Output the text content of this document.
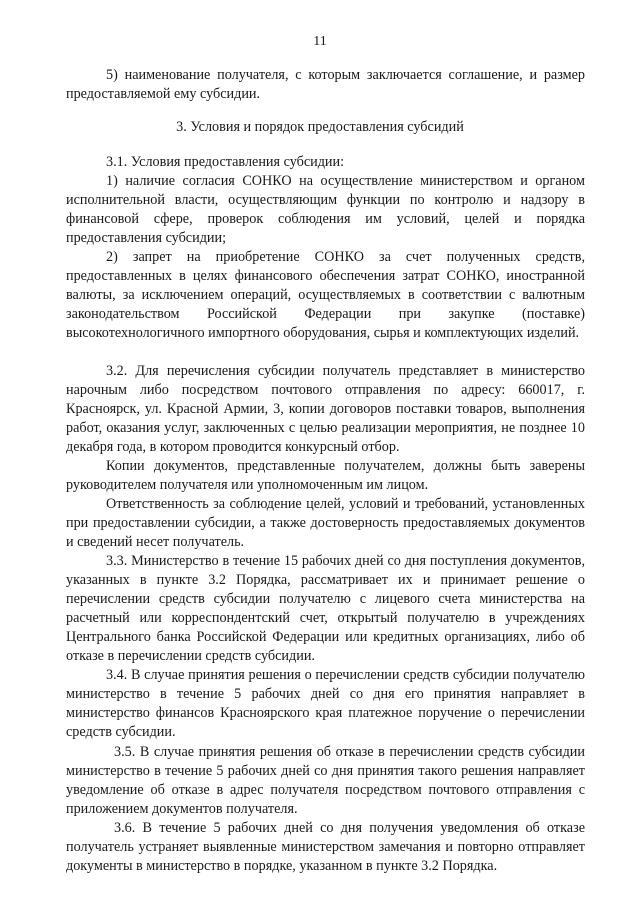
11

5) наименование получателя, с которым заключается соглашение, и размер предоставляемой ему субсидии.

3. Условия и порядок предоставления субсидий

3.1. Условия предоставления субсидии:

1) наличие согласия СОНКО на осуществление министерством и органом исполнительной власти, осуществляющим функции по контролю и надзору в финансовой сфере, проверок соблюдения им условий, целей и порядка предоставления субсидии;

2) запрет на приобретение СОНКО за счет полученных средств, предоставленных в целях финансового обеспечения затрат СОНКО, иностранной валюты, за исключением операций, осуществляемых в соответствии с валютным законодательством Российской Федерации при закупке (поставке) высокотехнологичного импортного оборудования, сырья и комплектующих изделий.

3.2. Для перечисления субсидии получатель представляет в министерство нарочным либо посредством почтового отправления по адресу: 660017, г. Красноярск, ул. Красной Армии, 3, копии договоров поставки товаров, выполнения работ, оказания услуг, заключенных с целью реализации мероприятия, не позднее 10 декабря года, в котором проводится конкурсный отбор.

Копии документов, представленные получателем, должны быть заверены руководителем получателя или уполномоченным им лицом.

Ответственность за соблюдение целей, условий и требований, установленных при предоставлении субсидии, а также достоверность предоставляемых документов и сведений несет получатель.

3.3. Министерство в течение 15 рабочих дней со дня поступления документов, указанных в пункте 3.2 Порядка, рассматривает их и принимает решение о перечислении средств субсидии получателю с лицевого счета министерства на расчетный или корреспондентский счет, открытый получателю в учреждениях Центрального банка Российской Федерации или кредитных организациях, либо об отказе в перечислении средств субсидии.

3.4. В случае принятия решения о перечислении средств субсидии получателю министерство в течение 5 рабочих дней со дня его принятия направляет в министерство финансов Красноярского края платежное поручение о перечислении средств субсидии.

3.5. В случае принятия решения об отказе в перечислении средств субсидии министерство в течение 5 рабочих дней со дня принятия такого решения направляет уведомление об отказе в адрес получателя посредством почтового отправления с приложением документов получателя.

3.6. В течение 5 рабочих дней со дня получения уведомления об отказе получатель устраняет выявленные министерством замечания и повторно отправляет документы в министерство в порядке, указанном в пункте 3.2 Порядка.
